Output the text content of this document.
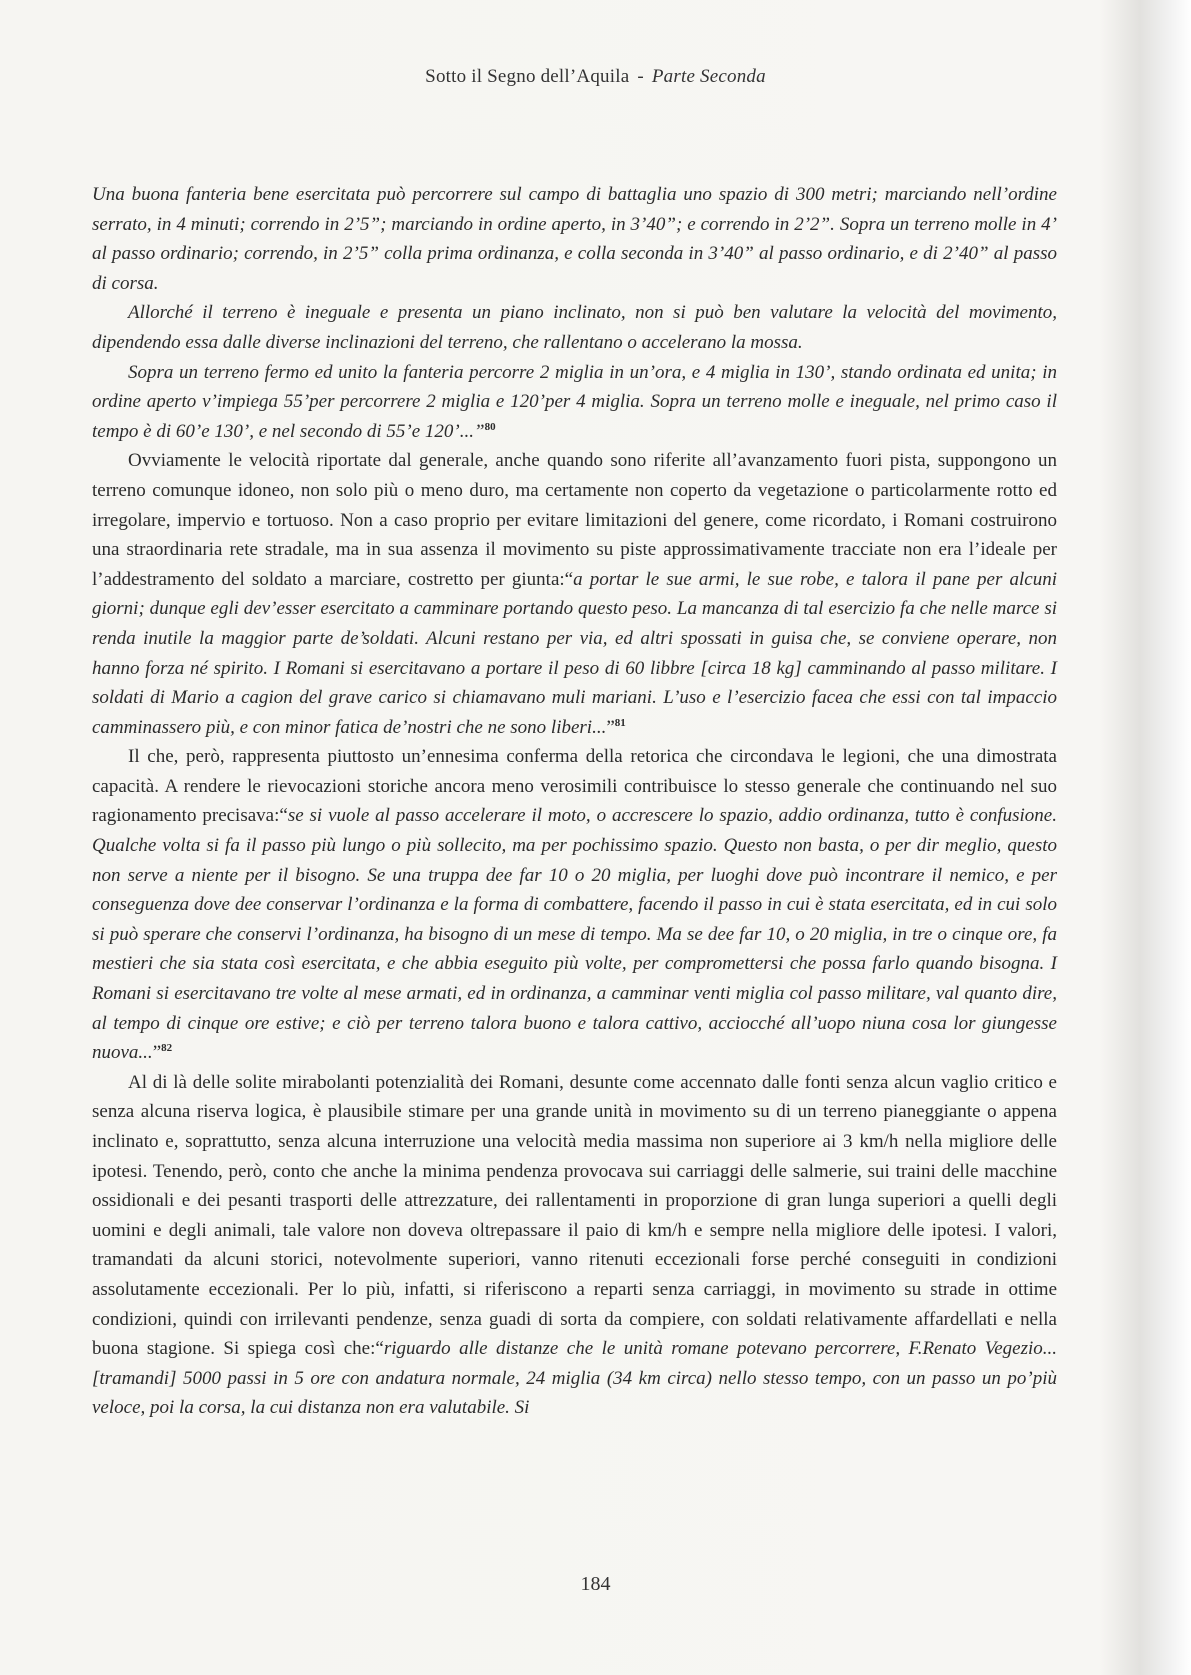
Sotto il Segno dell’Aquila - Parte Seconda

Una buona fanteria bene esercitata può percorrere sul campo di battaglia uno spazio di 300 metri; marciando nell’ordine serrato, in 4 minuti; correndo in 2’5”; marciando in ordine aperto, in 3’40”; e correndo in 2’2”. Sopra un terreno molle in 4’ al passo ordinario; correndo, in 2’5” colla prima ordinanza, e colla seconda in 3’40” al passo ordinario, e di 2’40” al passo di corsa.

Allorché il terreno è ineguale e presenta un piano inclinato, non si può ben valutare la velocità del movimento, dipendendo essa dalle diverse inclinazioni del terreno, che rallentano o accelerano la mossa.

Sopra un terreno fermo ed unito la fanteria percorre 2 miglia in un’ora, e 4 miglia in 130’, stando ordinata ed unita; in ordine aperto v’impiega 55’per percorrere 2 miglia e 120’per 4 miglia. Sopra un terreno molle e ineguale, nel primo caso il tempo è di 60’e 130’, e nel secondo di 55’e 120’...”$^{80}$

Ovviamente le velocità riportate dal generale, anche quando sono riferite all’avanzamento fuori pista, suppongono un terreno comunque idoneo, non solo più o meno duro, ma certamente non coperto da vegetazione o particolarmente rotto ed irregolare, impervio e tortuoso. Non a caso proprio per evitare limitazioni del genere, come ricordato, i Romani costruirono una straordinaria rete stradale, ma in sua assenza il movimento su piste approssimativamente tracciate non era l’ideale per l’addestramento del soldato a marciare, costretto per giunta:“a portar le sue armi, le sue robe, e talora il pane per alcuni giorni; dunque egli dev’esser esercitato a camminare portando questo peso. La mancanza di tal esercizio fa che nelle marce si renda inutile la maggior parte de’soldati. Alcuni restano per via, ed altri spossati in guisa che, se conviene operare, non hanno forza né spirito. I Romani si esercitavano a portare il peso di 60 libbre [circa 18 kg] camminando al passo militare. I soldati di Mario a cagion del grave carico si chiamavano muli mariani. L’uso e l’esercizio facea che essi con tal impaccio camminassero più, e con minor fatica de’nostri che ne sono liberi...”$^{81}$

Il che, però, rappresenta piuttosto un’ennesima conferma della retorica che circondava le legioni, che una dimostrata capacità. A rendere le rievocazioni storiche ancora meno verosimili contribuisce lo stesso generale che continuando nel suo ragionamento precisava:“se si vuole al passo accelerare il moto, o accrescere lo spazio, addio ordinanza, tutto è confusione. Qualche volta si fa il passo più lungo o più sollecito, ma per pochissimo spazio. Questo non basta, o per dir meglio, questo non serve a niente per il bisogno. Se una truppa dee far 10 o 20 miglia, per luoghi dove può incontrare il nemico, e per conseguenza dove dee conservar l’ordinanza e la forma di combattere, facendo il passo in cui è stata esercitata, ed in cui solo si può sperare che conservi l’ordinanza, ha bisogno di un mese di tempo. Ma se dee far 10, o 20 miglia, in tre o cinque ore, fa mestieri che sia stata così esercitata, e che abbia eseguito più volte, per compromettersi che possa farlo quando bisogna. I Romani si esercitavano tre volte al mese armati, ed in ordinanza, a camminar venti miglia col passo militare, val quanto dire, al tempo di cinque ore estive; e ciò per terreno talora buono e talora cattivo, acciocché all’uopo niuna cosa lor giungesse nuova...”$^{82}$

Al di là delle solite mirabolanti potenzialità dei Romani, desunte come accennato dalle fonti senza alcun vaglio critico e senza alcuna riserva logica, è plausibile stimare per una grande unità in movimento su di un terreno pianeggiante o appena inclinato e, soprattutto, senza alcuna interruzione una velocità media massima non superiore ai 3 km/h nella migliore delle ipotesi. Tenendo, però, conto che anche la minima pendenza provocava sui carriaggi delle salmerie, sui traini delle macchine ossidionali e dei pesanti trasporti delle attrezzature, dei rallentamenti in proporzione di gran lunga superiori a quelli degli uomini e degli animali, tale valore non doveva oltrepassare il paio di km/h e sempre nella migliore delle ipotesi. I valori, tramandati da alcuni storici, notevolmente superiori, vanno ritenuti eccezionali forse perché conseguiti in condizioni assolutamente eccezionali. Per lo più, infatti, si riferiscono a reparti senza carriaggi, in movimento su strade in ottime condizioni, quindi con irrilevanti pendenze, senza guadi di sorta da compiere, con soldati relativamente affardellati e nella buona stagione. Si spiega così che:“riguardo alle distanze che le unità romane potevano percorrere, F.Renato Vegezio... [tramandi] 5000 passi in 5 ore con andatura normale, 24 miglia (34 km circa) nello stesso tempo, con un passo un po’più veloce, poi la corsa, la cui distanza non era valutabile. Si

184
